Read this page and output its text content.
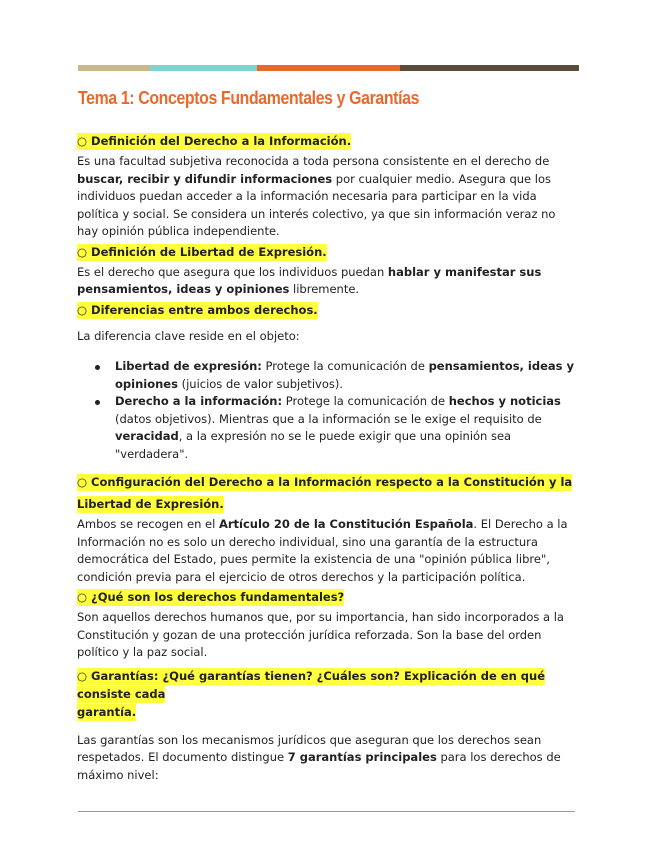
Tema 1: Conceptos Fundamentales y Garantías
○ Definición del Derecho a la Información.

Es una facultad subjetiva reconocida a toda persona consistente en el derecho de buscar, recibir y difundir informaciones por cualquier medio. Asegura que los individuos puedan acceder a la información necesaria para participar en la vida política y social. Se considera un interés colectivo, ya que sin información veraz no hay opinión pública independiente.

○ Definición de Libertad de Expresión.

Es el derecho que asegura que los individuos puedan hablar y manifestar sus pensamientos, ideas y opiniones libremente.

○ Diferencias entre ambos derechos.

La diferencia clave reside en el objeto:

Libertad de expresión: Protege la comunicación de pensamientos, ideas y opiniones (juicios de valor subjetivos).
Derecho a la información: Protege la comunicación de hechos y noticias (datos objetivos). Mientras que a la información se le exige el requisito de veracidad, a la expresión no se le puede exigir que una opinión sea "verdadera".
○ Configuración del Derecho a la Información respecto a la Constitución y la
Libertad de Expresión.

Ambos se recogen en el Artículo 20 de la Constitución Española. El Derecho a la Información no es solo un derecho individual, sino una garantía de la estructura democrática del Estado, pues permite la existencia de una "opinión pública libre", condición previa para el ejercicio de otros derechos y la participación política.

○ ¿Qué son los derechos fundamentales?

Son aquellos derechos humanos que, por su importancia, han sido incorporados a la Constitución y gozan de una protección jurídica reforzada. Son la base del orden político y la paz social.

○ Garantías: ¿Qué garantías tienen? ¿Cuáles son? Explicación de en qué consiste cada
garantía.

Las garantías son los mecanismos jurídicos que aseguran que los derechos sean respetados. El documento distingue 7 garantías principales para los derechos de máximo nivel:
